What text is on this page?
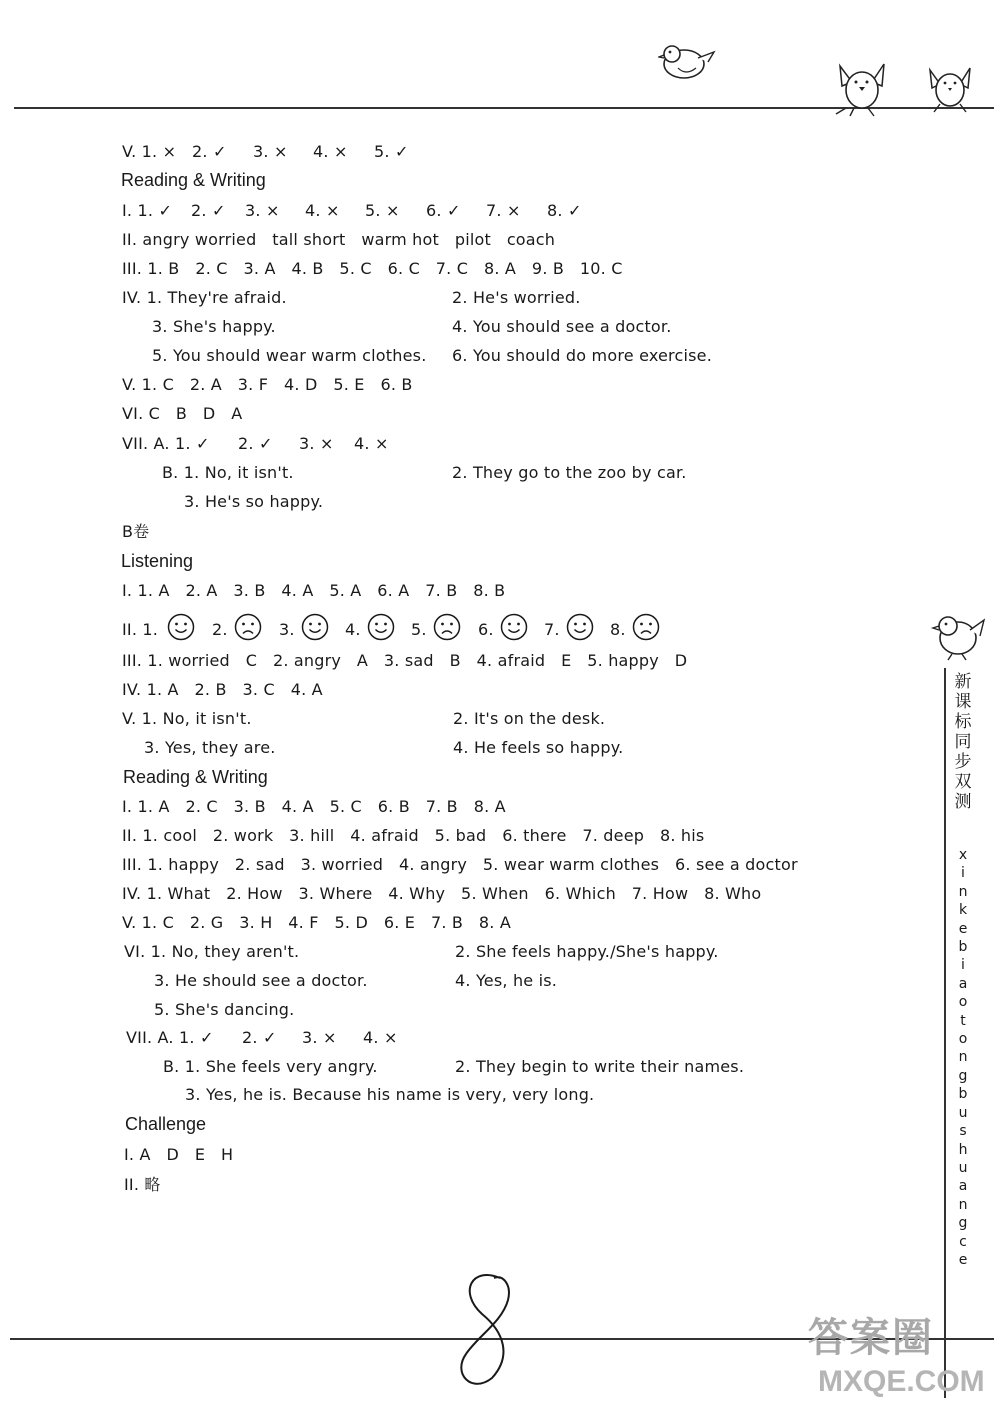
新
课
标
同
步
双
测
x
i
n
k
e
b
i
a
o
t
o
n
g
b
u
s
h
u
a
n
g
c
e

V. 1. ×

2. ✓

3. ×

4. ×

5. ✓

Reading & Writing

I. 1. ✓

2. ✓

3. ×

4. ×

5. ×

6. ✓

7. ×

8. ✓

II. angry worried   tall short   warm hot   pilot   coach
III. 1. B   2. C   3. A   4. B   5. C   6. C   7. C   8. A   9. B   10. C

IV. 1. They're afraid.

	2. He's worried.

3. She's happy.

	4. You should see a doctor.

5. You should wear warm clothes.

6. You should do more exercise.

V. 1. C   2. A   3. F   4. D   5. E   6. B
VI. C   B   D   A

VII. A. 1. ✓

2. ✓

3. ×

4. ×

B. 1. No, it isn't.

	2. They go to the zoo by car.

3. He's so happy.

B卷
Listening
I. 1. A   2. A   3. B   4. A   5. A   6. A   7. B   8. B

II. 1.

	2.

	3.

	4.

	5.

	6.

	7.

	8.

III. 1. worried   C   2. angry   A   3. sad   B   4. afraid   E   5. happy   D
IV. 1. A   2. B   3. C   4. A

V. 1. No, it isn't.

	2. It's on the desk.

3. Yes, they are.

	4. He feels so happy.

Reading & Writing
I. 1. A   2. C   3. B   4. A   5. C   6. B   7. B   8. A
II. 1. cool   2. work   3. hill   4. afraid   5. bad   6. there   7. deep   8. his
III. 1. happy   2. sad   3. worried   4. angry   5. wear warm clothes   6. see a doctor
IV. 1. What   2. How   3. Where   4. Why   5. When   6. Which   7. How   8. Who
V. 1. C   2. G   3. H   4. F   5. D   6. E   7. B   8. A

VI. 1. No, they aren't.

	2. She feels happy./She's happy.

3. He should see a doctor.

	4. Yes, he is.

5. She's dancing.

VII. A. 1. ✓

2. ✓

3. ×

4. ×

B. 1. She feels very angry.

	2. They begin to write their names.

3. Yes, he is. Because his name is very, very long.

Challenge
I. A   D   E   H
II. 略
答案圈
MXQE.COM
